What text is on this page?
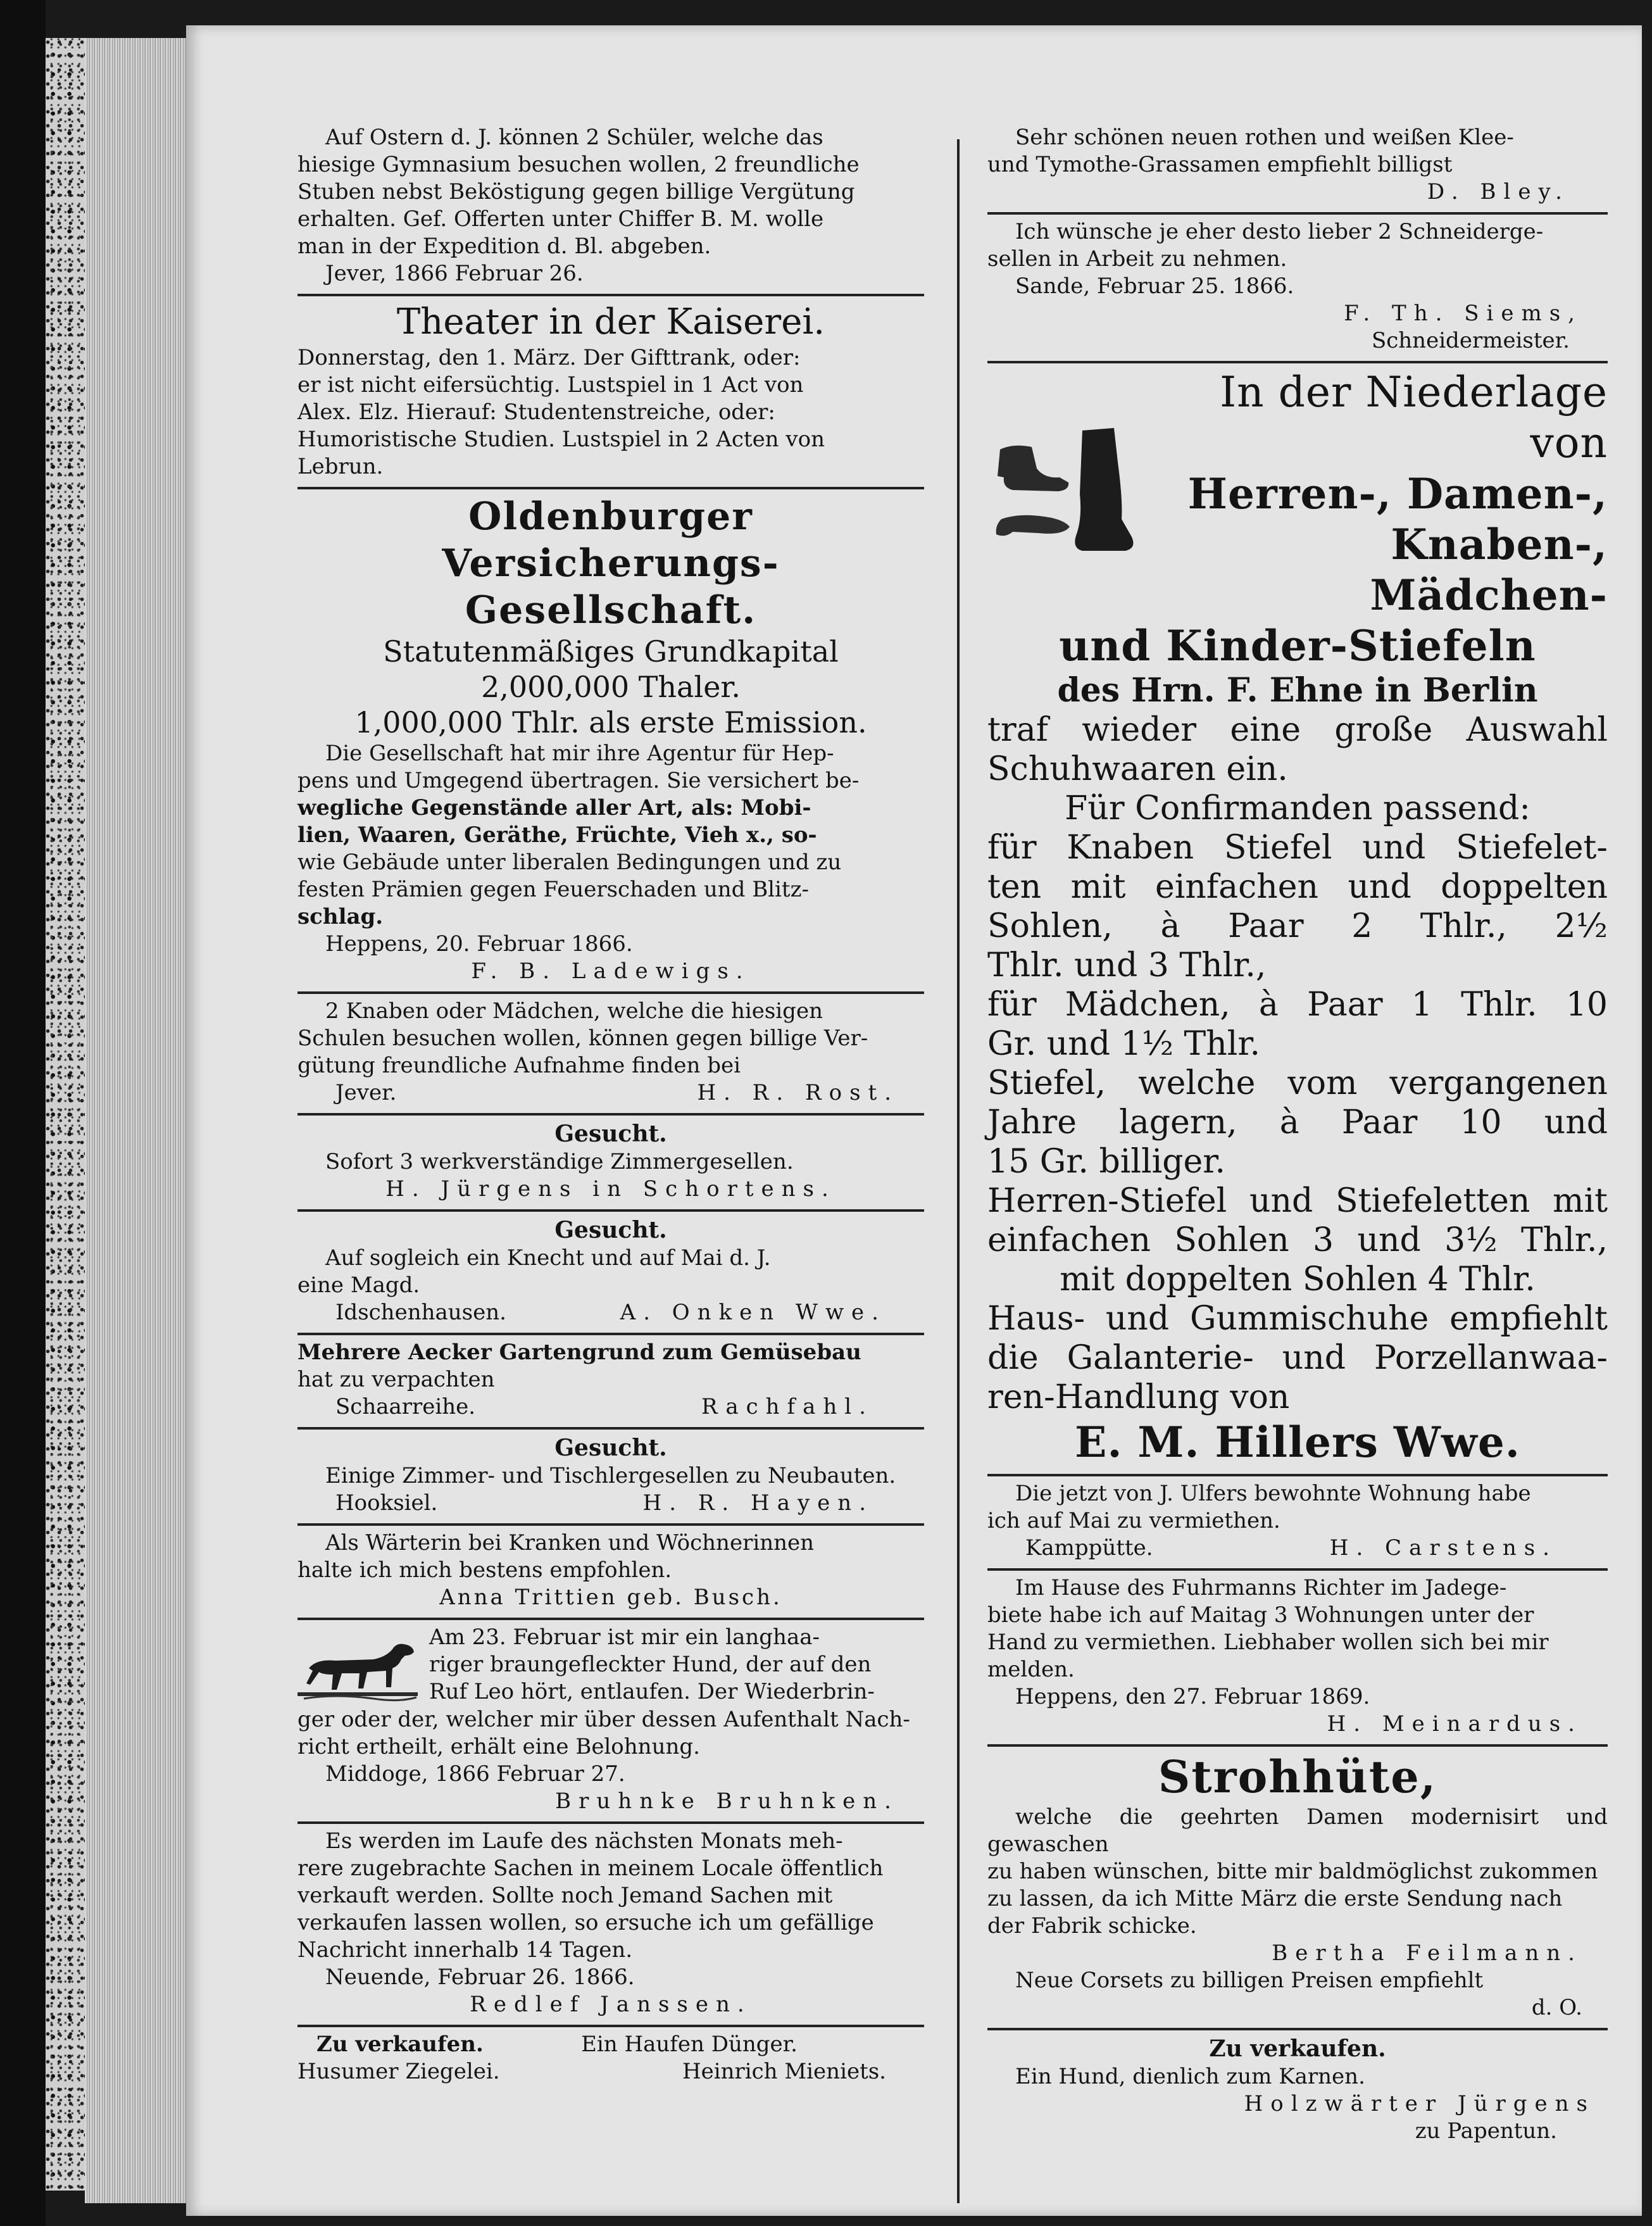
Auf Ostern d. J. können 2 Schüler, welche das

hiesige Gymnasium besuchen wollen, 2 freundliche

Stuben nebst Beköstigung gegen billige Vergütung

erhalten. Gef. Offerten unter Chiffer B. M. wolle

man in der Expedition d. Bl. abgeben.

Jever, 1866 Februar 26.

Theater in der Kaiserei.

Donnerstag, den 1. März. Der Gifttrank, oder:

er ist nicht eifersüchtig. Lustspiel in 1 Act von

Alex. Elz. Hierauf: Studentenstreiche, oder:

Humoristische Studien. Lustspiel in 2 Acten von

Lebrun.

Oldenburger Versicherungs-

Gesellschaft.

Statutenmäßiges Grundkapital

2,000,000 Thaler.

1,000,000 Thlr. als erste Emission.

Die Gesellschaft hat mir ihre Agentur für Hep-

pens und Umgegend übertragen. Sie versichert be-

wegliche Gegenstände aller Art, als: Mobi-

lien, Waaren, Geräthe, Früchte, Vieh x., so-

wie Gebäude unter liberalen Bedingungen und zu

festen Prämien gegen Feuerschaden und Blitz-

schlag.

Heppens, 20. Februar 1866.

F. B. Ladewigs.

2 Knaben oder Mädchen, welche die hiesigen

Schulen besuchen wollen, können gegen billige Ver-

gütung freundliche Aufnahme finden bei

Jever.	H. R. Rost.

Gesucht.

Sofort 3 werkverständige Zimmergesellen.

H. Jürgens in Schortens.

Gesucht.

Auf sogleich ein Knecht und auf Mai d. J.

eine Magd.

Idschenhausen.	A. Onken Wwe.

Mehrere Aecker Gartengrund zum Gemüsebau

hat zu verpachten

Schaarreihe.	Rachfahl.

Gesucht.

Einige Zimmer- und Tischlergesellen zu Neubauten.

Hooksiel.	H. R. Hayen.

Als Wärterin bei Kranken und Wöchnerinnen

halte ich mich bestens empfohlen.

Anna Trittien geb. Busch.

Am 23. Februar ist mir ein langhaa-

riger braungefleckter Hund, der auf den

Ruf Leo hört, entlaufen. Der Wiederbrin-

ger oder der, welcher mir über dessen Aufenthalt Nach-

richt ertheilt, erhält eine Belohnung.

Middoge, 1866 Februar 27.

Bruhnke Bruhnken.

Es werden im Laufe des nächsten Monats meh-

rere zugebrachte Sachen in meinem Locale öffentlich

verkauft werden. Sollte noch Jemand Sachen mit

verkaufen lassen wollen, so ersuche ich um gefällige

Nachricht innerhalb 14 Tagen.

Neuende, Februar 26. 1866.

Redlef Janssen.

Zu verkaufen.	Ein Haufen Dünger.
Husumer Ziegelei.	Heinrich Mieniets.

Sehr schönen neuen rothen und weißen Klee-

und Tymothe-Grassamen empfiehlt billigst

D. Bley.

Ich wünsche je eher desto lieber 2 Schneiderge-

sellen in Arbeit zu nehmen.

Sande, Februar 25. 1866.

F. Th. Siems,

Schneidermeister.

In der Niederlage von

Herren-, Damen-,

Knaben-, Mädchen-

und Kinder-Stiefeln

des Hrn. F. Ehne in Berlin

traf wieder eine große Auswahl

Schuhwaaren ein.

Für Confirmanden passend:

für Knaben Stiefel und Stiefelet-

ten mit einfachen und doppelten

Sohlen, à Paar 2 Thlr., 2½

Thlr. und 3 Thlr.,

für Mädchen, à Paar 1 Thlr. 10

Gr. und 1½ Thlr.

Stiefel, welche vom vergangenen

Jahre lagern, à Paar 10 und

15 Gr. billiger.

Herren-Stiefel und Stiefeletten mit

einfachen Sohlen 3 und 3½ Thlr.,

mit doppelten Sohlen 4 Thlr.

Haus- und Gummischuhe empfiehlt

die Galanterie- und Porzellanwaa-

ren-Handlung von

E. M. Hillers Wwe.

Die jetzt von J. Ulfers bewohnte Wohnung habe

ich auf Mai zu vermiethen.

Kamppütte.	H. Carstens.

Im Hause des Fuhrmanns Richter im Jadege-

biete habe ich auf Maitag 3 Wohnungen unter der

Hand zu vermiethen. Liebhaber wollen sich bei mir

melden.

Heppens, den 27. Februar 1869.

H. Meinardus.

Strohhüte,

welche die geehrten Damen modernisirt und gewaschen

zu haben wünschen, bitte mir baldmöglichst zukommen

zu lassen, da ich Mitte März die erste Sendung nach

der Fabrik schicke.

Bertha Feilmann.

Neue Corsets zu billigen Preisen empfiehlt

d. O.

Zu verkaufen.

Ein Hund, dienlich zum Karnen.

Holzwärter Jürgens

zu Papentun.
